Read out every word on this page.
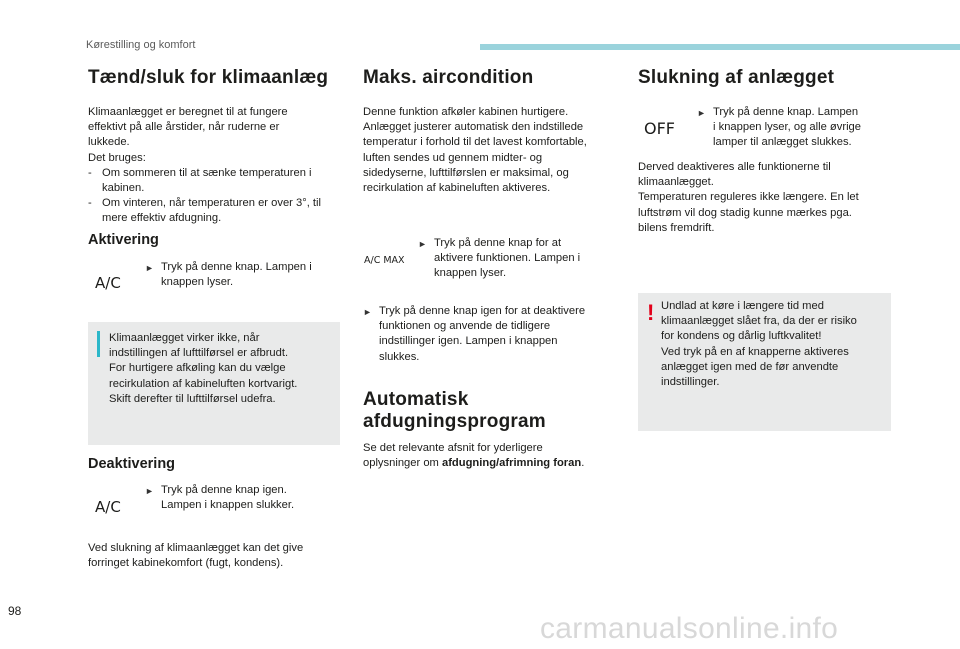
Kørestilling og komfort
Tænd/sluk for klimaanlæg

Klimaanlægget er beregnet til at fungere

effektivt på alle årstider, når ruderne er

lukkede.

Det bruges:

- Om sommeren til at sænke temperaturen i

kabinen.

- Om vinteren, når temperaturen er over 3°, til

mere effektiv afdugning.

Aktivering
A/C
► Tryk på denne knap. Lampen i

knappen lyser.

Klimaanlægget virker ikke, når

indstillingen af lufttilførsel er afbrudt.

For hurtigere afkøling kan du vælge

recirkulation af kabineluften kortvarigt.

Skift derefter til lufttilførsel udefra.

Deaktivering
A/C
► Tryk på denne knap igen.

Lampen i knappen slukker.

Ved slukning af klimaanlægget kan det give

forringet kabinekomfort (fugt, kondens).

Maks. aircondition

Denne funktion afkøler kabinen hurtigere.

Anlægget justerer automatisk den indstillede

temperatur i forhold til det lavest komfortable,

luften sendes ud gennem midter- og

sidedyserne, lufttilførslen er maksimal, og

recirkulation af kabineluften aktiveres.

A/C MAX
► Tryk på denne knap for at

aktivere funktionen. Lampen i

knappen lyser.

► Tryk på denne knap igen for at deaktivere

funktionen og anvende de tidligere

indstillinger igen. Lampen i knappen

slukkes.

Automatisk
afdugningsprogram

Se det relevante afsnit for yderligere

oplysninger om afdugning/afrimning foran.

Slukning af anlægget
OFF
► Tryk på denne knap. Lampen

i knappen lyser, og alle øvrige

lamper til anlægget slukkes.

Derved deaktiveres alle funktionerne til

klimaanlægget.

Temperaturen reguleres ikke længere. En let

luftstrøm vil dog stadig kunne mærkes pga.

bilens fremdrift.

! Undlad at køre i længere tid med

klimaanlægget slået fra, da der er risiko

for kondens og dårlig luftkvalitet!

Ved tryk på en af knapperne aktiveres

anlægget igen med de før anvendte

indstillinger.

98
carmanualsonline.info
